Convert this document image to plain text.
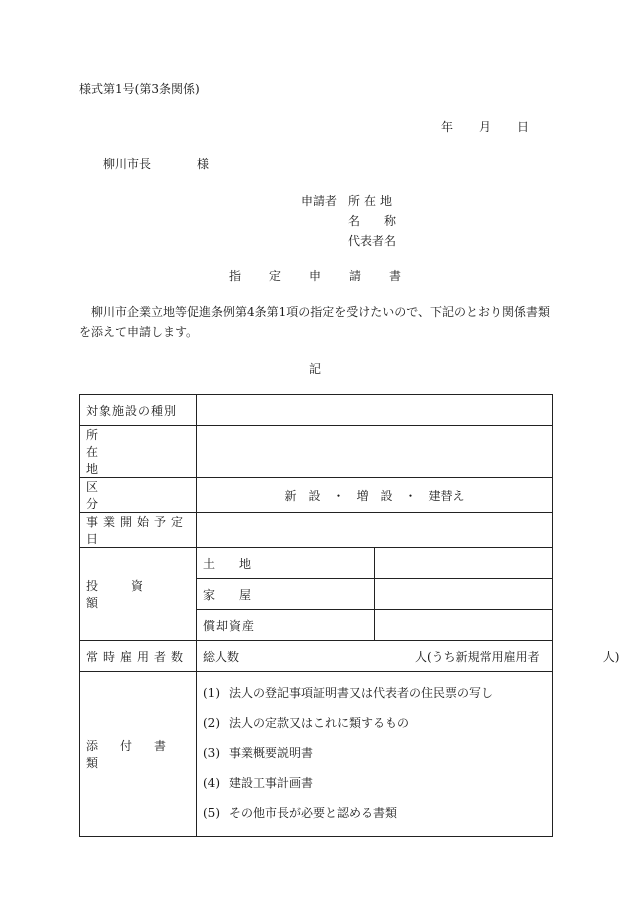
様式第1号(第3条関係)
年 月 日
柳川市長	様
申請者 所在地
名　　称
代表者名
指定申請書
柳川市企業立地等促進条例第4条第1項の指定を受けたいので、下記のとおり関係書類を添えて申請します。
記
対象施設の種別		

所在地		

区分	新　設　・　増　設　・　建替え	

事業開始予定日		

投資額	土地	

	家屋	

	償却資産	

常時雇用者数	総人数 人(うち新規常用雇用者 人)	

添付書類	(1) 法人の登記事項証明書又は代表者の住民票の写し
(2) 法人の定款又はこれに類するもの
(3) 事業概要説明書
(4) 建設工事計画書
(5) その他市長が必要と認める書類	
